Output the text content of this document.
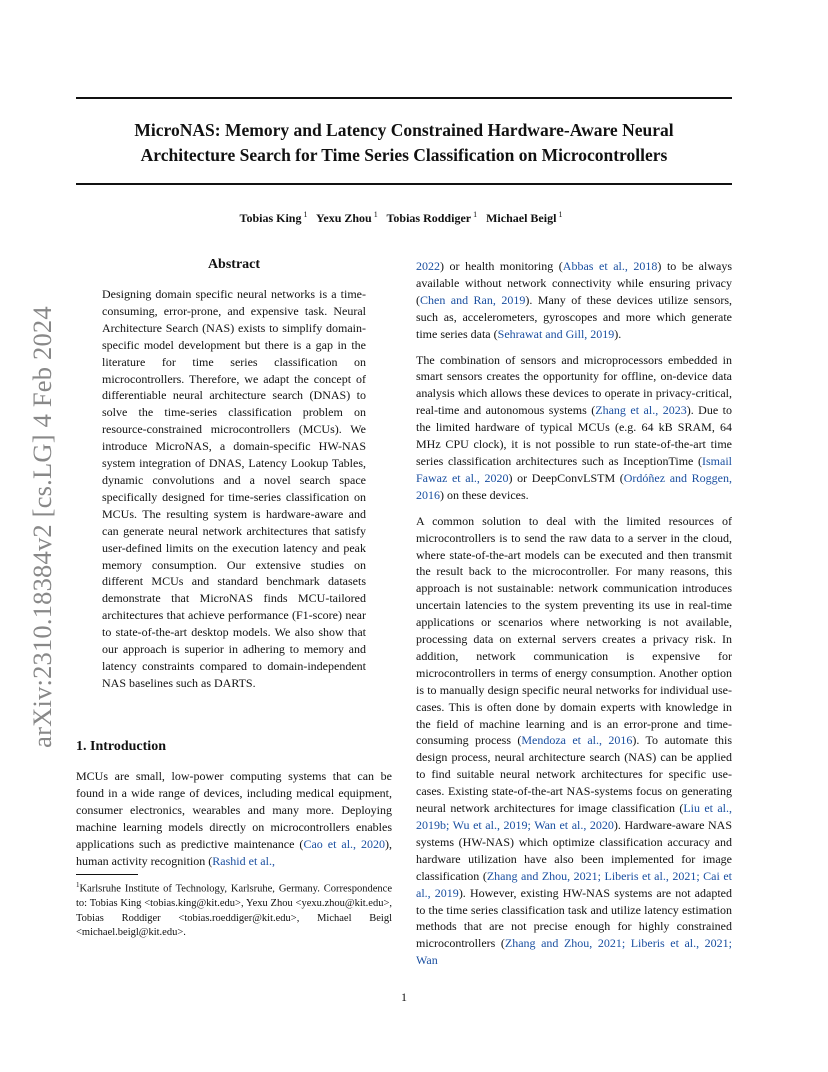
MicroNAS: Memory and Latency Constrained Hardware-Aware Neural
Architecture Search for Time Series Classification on Microcontrollers
Tobias King $^1$ Yexu Zhou $^1$ Tobias Roddiger $^1$ Michael Beigl $^1$
arXiv:2310.18384v2 [cs.LG] 4 Feb 2024
Abstract
Designing domain specific neural networks is a time-consuming, error-prone, and expensive task. Neural Architecture Search (NAS) exists to simplify domain-specific model development but there is a gap in the literature for time series classification on microcontrollers. Therefore, we adapt the concept of differentiable neural architecture search (DNAS) to solve the time-series classification problem on resource-constrained microcontrollers (MCUs). We introduce MicroNAS, a domain-specific HW-NAS system integration of DNAS, Latency Lookup Tables, dynamic convolutions and a novel search space specifically designed for time-series classification on MCUs. The resulting system is hardware-aware and can generate neural network architectures that satisfy user-defined limits on the execution latency and peak memory consumption. Our extensive studies on different MCUs and standard benchmark datasets demonstrate that MicroNAS finds MCU-tailored architectures that achieve performance (F1-score) near to state-of-the-art desktop models. We also show that our approach is superior in adhering to memory and latency constraints compared to domain-independent NAS baselines such as DARTS.
1. Introduction
MCUs are small, low-power computing systems that can be found in a wide range of devices, including medical equipment, consumer electronics, wearables and many more. Deploying machine learning models directly on microcontrollers enables applications such as predictive maintenance (Cao et al., 2020), human activity recognition (Rashid et al.,
$^1$Karlsruhe Institute of Technology, Karlsruhe, Germany. Correspondence to: Tobias King <tobias.king@kit.edu>, Yexu Zhou <yexu.zhou@kit.edu>, Tobias Roddiger <tobias.roeddiger@kit.edu>, Michael Beigl <michael.beigl@kit.edu>.

2022) or health monitoring (Abbas et al., 2018) to be always available without network connectivity while ensuring privacy (Chen and Ran, 2019). Many of these devices utilize sensors, such as, accelerometers, gyroscopes and more which generate time series data (Sehrawat and Gill, 2019).

The combination of sensors and microprocessors embedded in smart sensors creates the opportunity for offline, on-device data analysis which allows these devices to operate in privacy-critical, real-time and autonomous systems (Zhang et al., 2023). Due to the limited hardware of typical MCUs (e.g. 64 kB SRAM, 64 MHz CPU clock), it is not possible to run state-of-the-art time series classification architectures such as InceptionTime (Ismail Fawaz et al., 2020) or DeepConvLSTM (Ordóñez and Roggen, 2016) on these devices.

A common solution to deal with the limited resources of microcontrollers is to send the raw data to a server in the cloud, where state-of-the-art models can be executed and then transmit the result back to the microcontroller. For many reasons, this approach is not sustainable: network communication introduces uncertain latencies to the system preventing its use in real-time applications or scenarios where networking is not available, processing data on external servers creates a privacy risk. In addition, network communication is expensive for microcontrollers in terms of energy consumption. Another option is to manually design specific neural networks for individual use-cases. This is often done by domain experts with knowledge in the field of machine learning and is an error-prone and time-consuming process (Mendoza et al., 2016). To automate this design process, neural architecture search (NAS) can be applied to find suitable neural network architectures for specific use-cases. Existing state-of-the-art NAS-systems focus on generating neural network architectures for image classification (Liu et al., 2019b; Wu et al., 2019; Wan et al., 2020). Hardware-aware NAS systems (HW-NAS) which optimize classification accuracy and hardware utilization have also been implemented for image classification (Zhang and Zhou, 2021; Liberis et al., 2021; Cai et al., 2019). However, existing HW-NAS systems are not adapted to the time series classification task and utilize latency estimation methods that are not precise enough for highly constrained microcontrollers (Zhang and Zhou, 2021; Liberis et al., 2021; Wan

1
